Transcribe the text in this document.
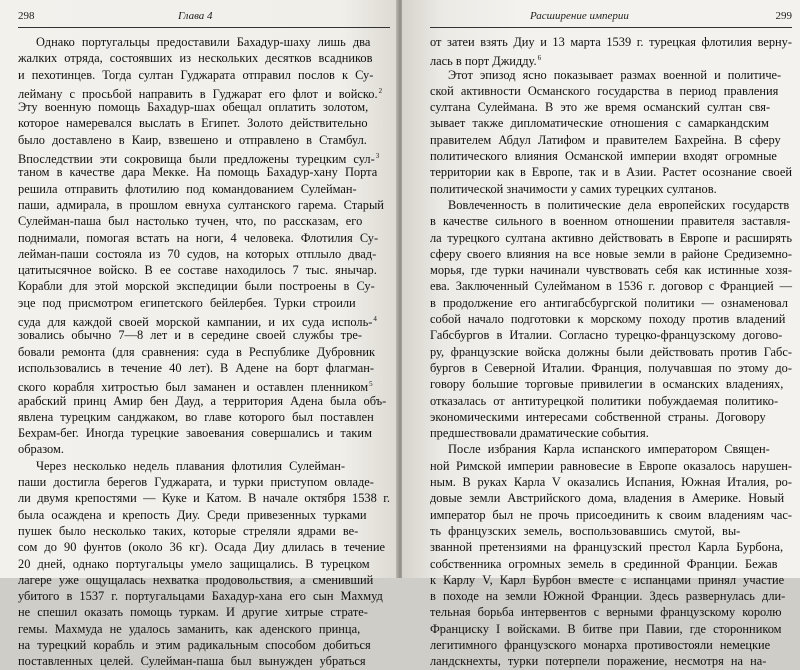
298	Глава 4
Однако португальцы предоставили Бахадур-шаху лишь два
жалких отряда, состоявших из нескольких десятков всадников
и пехотинцев. Тогда султан Гуджарата отправил послов к Су-
лейману с просьбой направить в Гуджарат его флот и войско.$^2$
Эту военную помощь Бахадур-шах обещал оплатить золотом,
которое намеревался выслать в Египет. Золото действительно
было доставлено в Каир, взвешено и отправлено в Стамбул.
Впоследствии эти сокровища были предложены турецким сул-$^3$
таном в качестве дара Мекке. На помощь Бахадур-хану Порта
решила отправить флотилию под командованием Сулейман-
паши, адмирала, в прошлом евнуха султанского гарема. Старый
Сулейман-паша был настолько тучен, что, по рассказам, его
поднимали, помогая встать на ноги, 4 человека. Флотилия Су-
лейман-паши состояла из 70 судов, на которых отплыло двад-
цатитысячное войско. В ее составе находилось 7 тыс. янычар.
Корабли для этой морской экспедиции были построены в Су-
эце под присмотром египетского бейлербея. Турки строили
суда для каждой своей морской кампании, и их суда исполь-$^4$
зовались обычно 7—8 лет и в середине своей службы тре-
бовали ремонта (для сравнения: суда в Республике Дубровник
использовались в течение 40 лет). В Адене на борт флагман-
ского корабля хитростью был заманен и оставлен пленником$^5$
арабский принц Амир бен Дауд, а территория Адена была объ-
явлена турецким санджаком, во главе которого был поставлен
Бехрам-бег. Иногда турецкие завоевания совершались и таким
образом.
Через несколько недель плавания флотилия Сулейман-
паши достигла берегов Гуджарата, и турки приступом овладе-
ли двумя крепостями — Куке и Катом. В начале октября 1538 г.
была осаждена и крепость Диу. Среди привезенных турками
пушек было несколько таких, которые стреляли ядрами ве-
сом до 90 фунтов (около 36 кг). Осада Диу длилась в течение
20 дней, однако португальцы умело защищались. В турецком
лагере уже ощущалась нехватка продовольствия, а сменивший
убитого в 1537 г. португальцами Бахадур-хана его сын Махмуд
не спешил оказать помощь туркам. И другие хитрые страте-
гемы. Махмуда не удалось заманить, как аденского принца,
на турецкий корабль и этим радикальным способом добиться
поставленных целей. Сулейман-паша был вынужден убраться
Расширение империи	299
от затеи взять Диу и 13 марта 1539 г. турецкая флотилия верну-
лась в порт Джидду.$^6$
Этот эпизод ясно показывает размах военной и политиче-
ской активности Османского государства в период правления
султана Сулеймана. В это же время османский султан свя-
зывает также дипломатические отношения с самаркандским
правителем Абдул Латифом и правителем Бахрейна. В сферу
политического влияния Османской империи входят огромные
территории как в Европе, так и в Азии. Растет осознание своей
политической значимости у самих турецких султанов.
Вовлеченность в политические дела европейских государств
в качестве сильного в военном отношении правителя заставля-
ла турецкого султана активно действовать в Европе и расширять
сферу своего влияния на все новые земли в районе Средиземно-
морья, где турки начинали чувствовать себя как истинные хозя-
ева. Заключенный Сулейманом в 1536 г. договор с Францией —
в продолжение его антигабсбургской политики — ознаменовал
собой начало подготовки к морскому походу против владений
Габсбургов в Италии. Согласно турецко-французскому догово-
ру, французские войска должны были действовать против Габс-
бургов в Северной Италии. Франция, получавшая по этому до-
говору большие торговые привилегии в османских владениях,
отказалась от антитурецкой политики побуждаемая политико-
экономическими интересами собственной страны. Договору
предшествовали драматические события.
После избрания Карла испанского императором Священ-
ной Римской империи равновесие в Европе оказалось нарушен-
ным. В руках Карла V оказались Испания, Южная Италия, ро-
довые земли Австрийского дома, владения в Америке. Новый
император был не прочь присоединить к своим владениям час-
ть французских земель, воспользовавшись смутой, вы-
званной претензиями на французский престол Карла Бурбона,
собственника огромных земель в срединной Франции. Бежав
к Карлу V, Карл Бурбон вместе с испанцами принял участие
в походе на земли Южной Франции. Здесь развернулась дли-
тельная борьба интервентов с верными французскому королю
Франциску I войсками. В битве при Павии, где сторонником
легитимного французского монарха противостояли немецкие
ландскнехты, турки потерпели поражение, несмотря на на-
